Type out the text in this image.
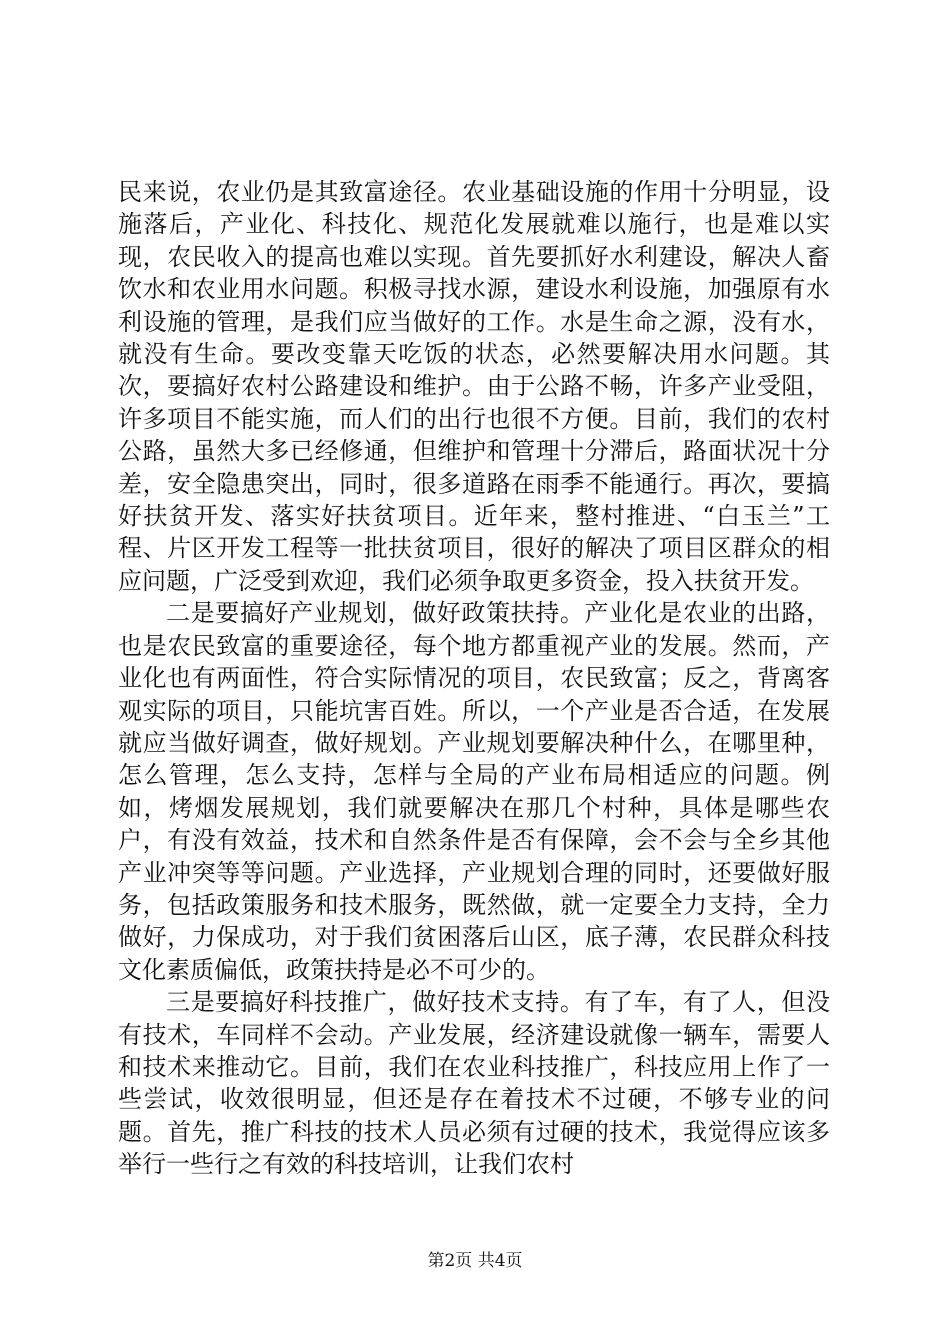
民来说，农业仍是其致富途径。农业基础设施的作用十分明显，设施落后，产业化、科技化、规范化发展就难以施行，也是难以实现，农民收入的提高也难以实现。首先要抓好水利建设，解决人畜饮水和农业用水问题。积极寻找水源，建设水利设施，加强原有水利设施的管理，是我们应当做好的工作。水是生命之源，没有水，就没有生命。要改变靠天吃饭的状态，必然要解决用水问题。其次，要搞好农村公路建设和维护。由于公路不畅，许多产业受阻，许多项目不能实施，而人们的出行也很不方便。目前，我们的农村公路，虽然大多已经修通，但维护和管理十分滞后，路面状况十分差，安全隐患突出，同时，很多道路在雨季不能通行。再次，要搞好扶贫开发、落实好扶贫项目。近年来，整村推进、“白玉兰”工程、片区开发工程等一批扶贫项目，很好的解决了项目区群众的相应问题，广泛受到欢迎，我们必须争取更多资金，投入扶贫开发。

二是要搞好产业规划，做好政策扶持。产业化是农业的出路，也是农民致富的重要途径，每个地方都重视产业的发展。然而，产业化也有两面性，符合实际情况的项目，农民致富；反之，背离客观实际的项目，只能坑害百姓。所以，一个产业是否合适，在发展就应当做好调查，做好规划。产业规划要解决种什么，在哪里种，怎么管理，怎么支持，怎样与全局的产业布局相适应的问题。例如，烤烟发展规划，我们就要解决在那几个村种，具体是哪些农户，有没有效益，技术和自然条件是否有保障，会不会与全乡其他产业冲突等等问题。产业选择，产业规划合理的同时，还要做好服务，包括政策服务和技术服务，既然做，就一定要全力支持，全力做好，力保成功，对于我们贫困落后山区，底子薄，农民群众科技文化素质偏低，政策扶持是必不可少的。

三是要搞好科技推广，做好技术支持。有了车，有了人，但没有技术，车同样不会动。产业发展，经济建设就像一辆车，需要人和技术来推动它。目前，我们在农业科技推广，科技应用上作了一些尝试，收效很明显，但还是存在着技术不过硬，不够专业的问题。首先，推广科技的技术人员必须有过硬的技术，我觉得应该多举行一些行之有效的科技培训，让我们农村

第2页 共4页
